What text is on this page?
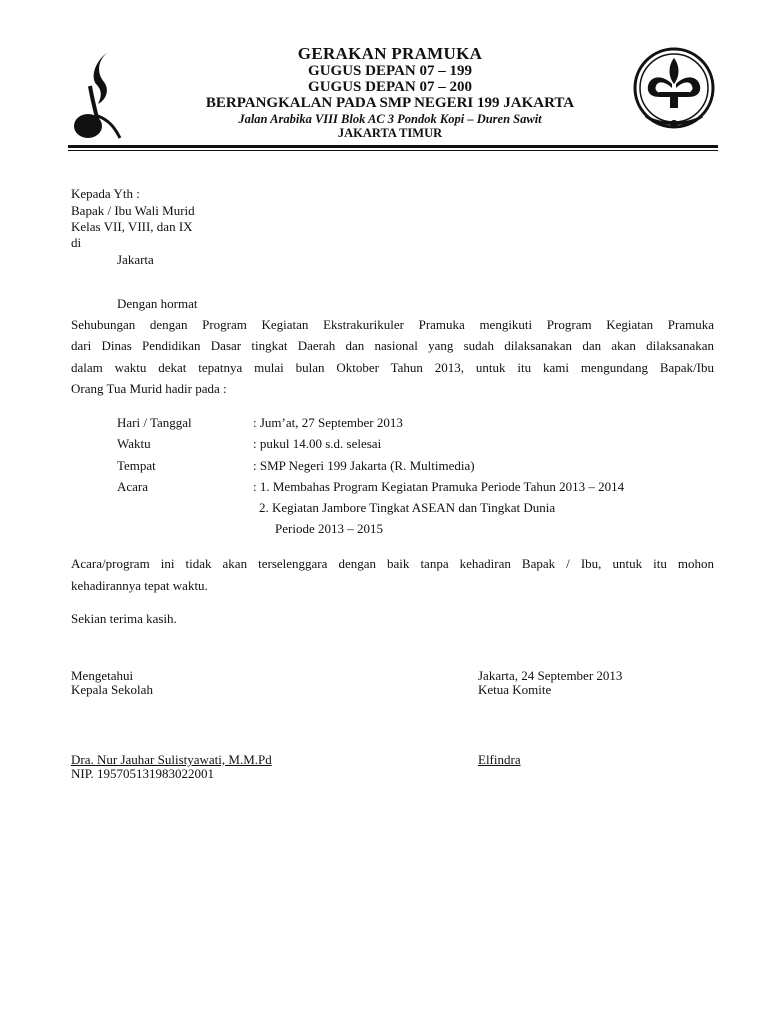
GERAKAN PRAMUKA
GUGUS DEPAN 07 – 199
GUGUS DEPAN 07 – 200
BERPANGKALAN PADA SMP NEGERI 199 JAKARTA
Jalan Arabika VIII Blok AC 3 Pondok Kopi – Duren Sawit
JAKARTA TIMUR
Kepada Yth :
Bapak / Ibu Wali Murid
Kelas VII, VIII, dan IX
di
Jakarta
Dengan hormat
Sehubungan dengan Program Kegiatan Ekstrakurikuler Pramuka mengikuti Program Kegiatan Pramuka
dari Dinas Pendidikan Dasar tingkat Daerah dan nasional yang sudah dilaksanakan dan akan dilaksanakan
dalam waktu dekat tepatnya mulai bulan Oktober Tahun 2013, untuk itu kami mengundang Bapak/Ibu
Orang Tua Murid hadir pada :
Hari / Tanggal	: Jum’at, 27 September 2013
Waktu	: pukul 14.00 s.d. selesai
Tempat	: SMP Negeri 199 Jakarta (R. Multimedia)
Acara	: 1. Membahas Program Kegiatan Pramuka Periode Tahun 2013 – 2014
2. Kegiatan Jambore Tingkat ASEAN dan Tingkat Dunia
Periode 2013 – 2015
Acara/program ini tidak akan terselenggara dengan baik tanpa kehadiran Bapak / Ibu, untuk itu mohon
kehadirannya tepat waktu.
Sekian terima kasih.
Mengetahui
Kepala Sekolah
Dra. Nur Jauhar Sulistyawati, M.M.Pd
NIP. 195705131983022001
Jakarta, 24 September 2013
Ketua Komite
Elfindra
